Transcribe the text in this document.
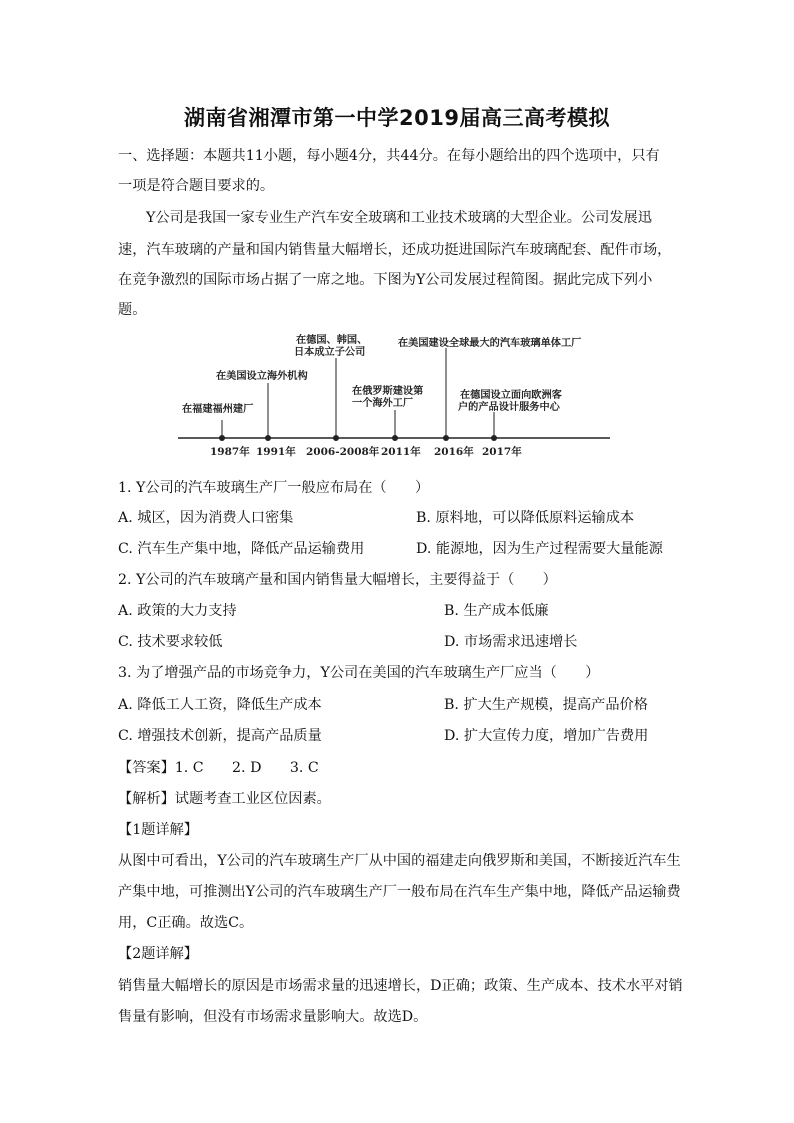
湖南省湘潭市第一中学2019届高三高考模拟
一、选择题：本题共11小题，每小题4分，共44分。在每小题给出的四个选项中，只有
一项是符合题目要求的。
Y公司是我国一家专业生产汽车安全玻璃和工业技术玻璃的大型企业。公司发展迅
速，汽车玻璃的产量和国内销售量大幅增长，还成功挺进国际汽车玻璃配套、配件市场，
在竞争激烈的国际市场占据了一席之地。下图为Y公司发展过程简图。据此完成下列小
题。
在福建福州建厂
1987年
在美国设立海外机构
1991年
在德国、韩国、
日本成立子公司
2006-2008年
在俄罗斯建设第
一个海外工厂
2011年
在美国建设全球最大的汽车玻璃单体工厂
2016年
在德国设立面向欧洲客
户的产品设计服务中心
2017年
1. Y公司的汽车玻璃生产厂一般应布局在（　　）
A. 城区，因为消费人口密集	B. 原料地，可以降低原料运输成本
C. 汽车生产集中地，降低产品运输费用	D. 能源地，因为生产过程需要大量能源
2. Y公司的汽车玻璃产量和国内销售量大幅增长，主要得益于（　　）
A. 政策的大力支持	B. 生产成本低廉
C. 技术要求较低	D. 市场需求迅速增长
3. 为了增强产品的市场竞争力，Y公司在美国的汽车玻璃生产厂应当（　　）
A. 降低工人工资，降低生产成本	B. 扩大生产规模，提高产品价格
C. 增强技术创新，提高产品质量	D. 扩大宣传力度，增加广告费用
【答案】1. C　　2. D　　3. C
【解析】试题考查工业区位因素。
【1题详解】
从图中可看出，Y公司的汽车玻璃生产厂从中国的福建走向俄罗斯和美国，不断接近汽车生
产集中地，可推测出Y公司的汽车玻璃生产厂一般布局在汽车生产集中地，降低产品运输费
用，C正确。故选C。
【2题详解】
销售量大幅增长的原因是市场需求量的迅速增长，D正确；政策、生产成本、技术水平对销
售量有影响，但没有市场需求量影响大。故选D。
